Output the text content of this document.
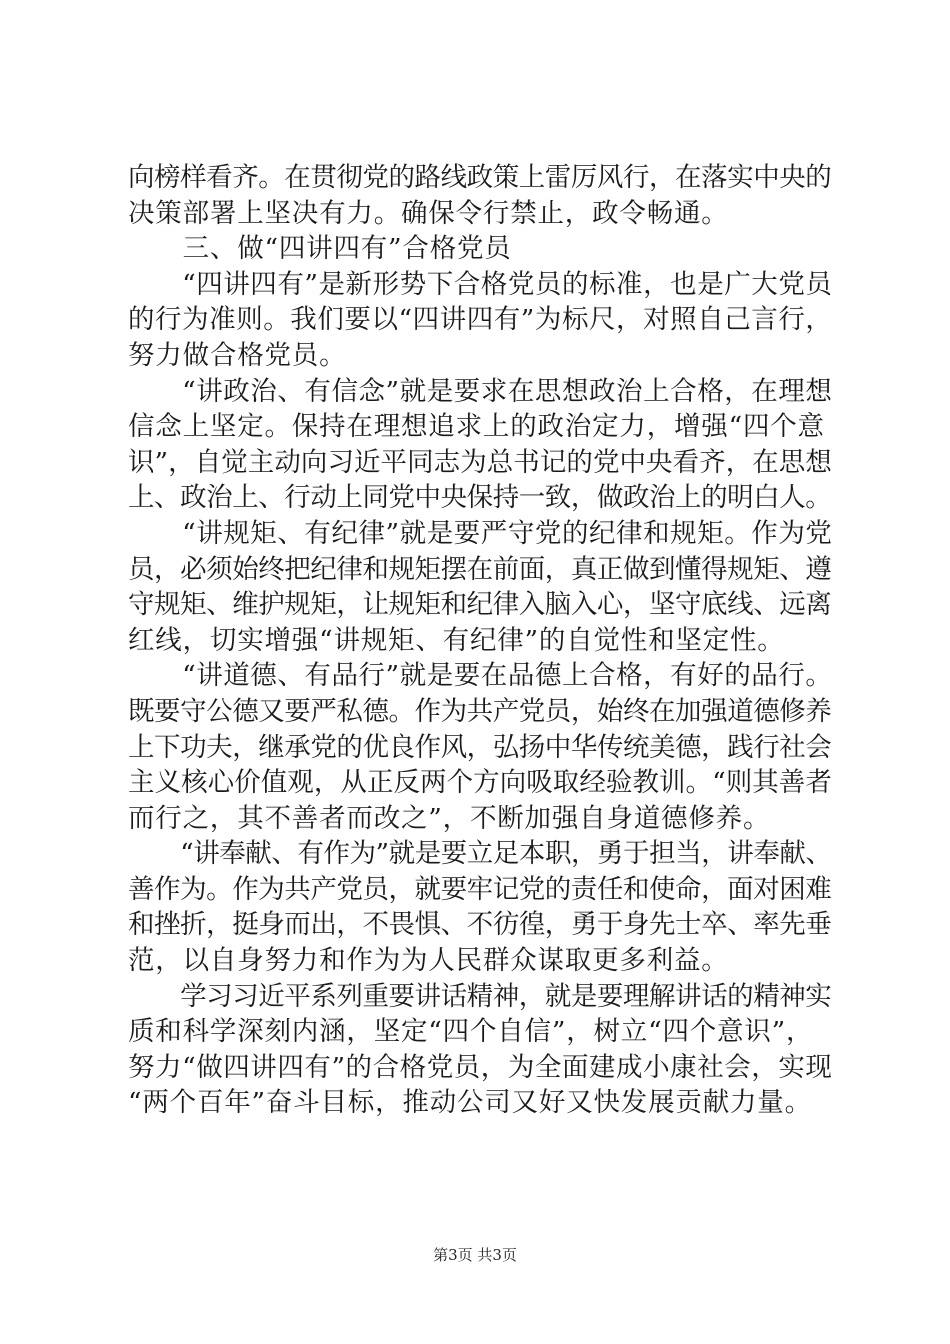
向榜样看齐。在贯彻党的路线政策上雷厉风行，在落实中央的
决策部署上坚决有力。确保令行禁止，政令畅通。
　　三、做“四讲四有”合格党员
　　“四讲四有”是新形势下合格党员的标准，也是广大党员
的行为准则。我们要以“四讲四有”为标尺，对照自己言行，
努力做合格党员。
　　“讲政治、有信念”就是要求在思想政治上合格，在理想
信念上坚定。保持在理想追求上的政治定力，增强“四个意
识”，自觉主动向习近平同志为总书记的党中央看齐，在思想
上、政治上、行动上同党中央保持一致，做政治上的明白人。
　　“讲规矩、有纪律”就是要严守党的纪律和规矩。作为党
员，必须始终把纪律和规矩摆在前面，真正做到懂得规矩、遵
守规矩、维护规矩，让规矩和纪律入脑入心，坚守底线、远离
红线，切实增强“讲规矩、有纪律”的自觉性和坚定性。
　　“讲道德、有品行”就是要在品德上合格，有好的品行。
既要守公德又要严私德。作为共产党员，始终在加强道德修养
上下功夫，继承党的优良作风，弘扬中华传统美德，践行社会
主义核心价值观，从正反两个方向吸取经验教训。“则其善者
而行之，其不善者而改之”，不断加强自身道德修养。
　　“讲奉献、有作为”就是要立足本职，勇于担当，讲奉献、
善作为。作为共产党员，就要牢记党的责任和使命，面对困难
和挫折，挺身而出，不畏惧、不彷徨，勇于身先士卒、率先垂
范，以自身努力和作为为人民群众谋取更多利益。
　　学习习近平系列重要讲话精神，就是要理解讲话的精神实
质和科学深刻内涵，坚定“四个自信”，树立“四个意识”，
努力“做四讲四有”的合格党员，为全面建成小康社会，实现
“两个百年”奋斗目标，推动公司又好又快发展贡献力量。
第3页 共3页
